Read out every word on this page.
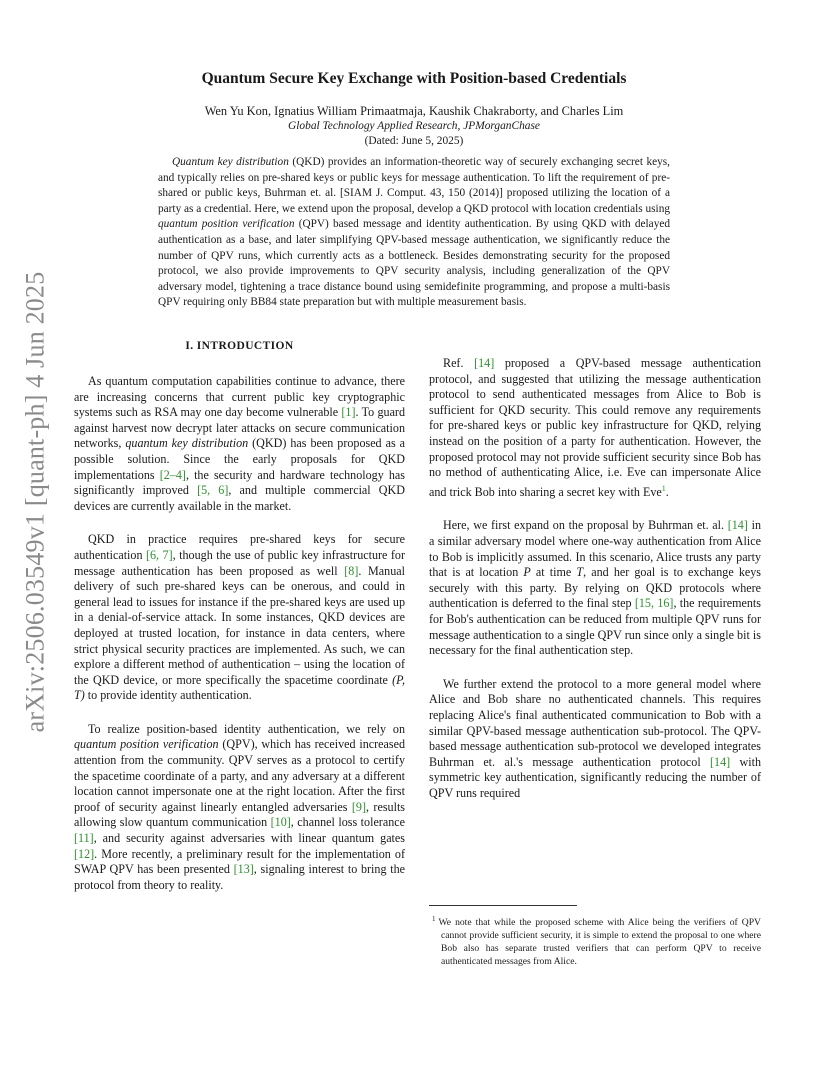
arXiv:2506.03549v1 [quant-ph] 4 Jun 2025
Quantum Secure Key Exchange with Position-based Credentials

Wen Yu Kon, Ignatius William Primaatmaja, Kaushik Chakraborty, and Charles Lim

Global Technology Applied Research, JPMorganChase

(Dated: June 5, 2025)

Quantum key distribution (QKD) provides an information-theoretic way of securely exchanging secret keys, and typically relies on pre-shared keys or public keys for message authentication. To lift the requirement of pre-shared or public keys, Buhrman et. al. [SIAM J. Comput. 43, 150 (2014)] proposed utilizing the location of a party as a credential. Here, we extend upon the proposal, develop a QKD protocol with location credentials using quantum position verification (QPV) based message and identity authentication. By using QKD with delayed authentication as a base, and later simplifying QPV-based message authentication, we significantly reduce the number of QPV runs, which currently acts as a bottleneck. Besides demonstrating security for the proposed protocol, we also provide improvements to QPV security analysis, including generalization of the QPV adversary model, tightening a trace distance bound using semidefinite programming, and propose a multi-basis QPV requiring only BB84 state preparation but with multiple measurement basis.

I. INTRODUCTION

As quantum computation capabilities continue to advance, there are increasing concerns that current public key cryptographic systems such as RSA may one day become vulnerable [1]. To guard against harvest now decrypt later attacks on secure communication networks, quantum key distribution (QKD) has been proposed as a possible solution. Since the early proposals for QKD implementations [2–4], the security and hardware technology has significantly improved [5, 6], and multiple commercial QKD devices are currently available in the market.

QKD in practice requires pre-shared keys for secure authentication [6, 7], though the use of public key infrastructure for message authentication has been proposed as well [8]. Manual delivery of such pre-shared keys can be onerous, and could in general lead to issues for instance if the pre-shared keys are used up in a denial-of-service attack. In some instances, QKD devices are deployed at trusted location, for instance in data centers, where strict physical security practices are implemented. As such, we can explore a different method of authentication – using the location of the QKD device, or more specifically the spacetime coordinate (P, T) to provide identity authentication.

To realize position-based identity authentication, we rely on quantum position verification (QPV), which has received increased attention from the community. QPV serves as a protocol to certify the spacetime coordinate of a party, and any adversary at a different location cannot impersonate one at the right location. After the first proof of security against linearly entangled adversaries [9], results allowing slow quantum communication [10], channel loss tolerance [11], and security against adversaries with linear quantum gates [12]. More recently, a preliminary result for the implementation of SWAP QPV has been presented [13], signaling interest to bring the protocol from theory to reality.

Ref. [14] proposed a QPV-based message authentication protocol, and suggested that utilizing the message authentication protocol to send authenticated messages from Alice to Bob is sufficient for QKD security. This could remove any requirements for pre-shared keys or public key infrastructure for QKD, relying instead on the position of a party for authentication. However, the proposed protocol may not provide sufficient security since Bob has no method of authenticating Alice, i.e. Eve can impersonate Alice and trick Bob into sharing a secret key with Eve$^1$.

Here, we first expand on the proposal by Buhrman et. al. [14] in a similar adversary model where one-way authentication from Alice to Bob is implicitly assumed. In this scenario, Alice trusts any party that is at location P at time T, and her goal is to exchange keys securely with this party. By relying on QKD protocols where authentication is deferred to the final step [15, 16], the requirements for Bob's authentication can be reduced from multiple QPV runs for message authentication to a single QPV run since only a single bit is necessary for the final authentication step.

We further extend the protocol to a more general model where Alice and Bob share no authenticated channels. This requires replacing Alice's final authenticated communication to Bob with a similar QPV-based message authentication sub-protocol. The QPV-based message authentication sub-protocol we developed integrates Buhrman et. al.'s message authentication protocol [14] with symmetric key authentication, significantly reducing the number of QPV runs required

$^1$ We note that while the proposed scheme with Alice being the verifiers of QPV cannot provide sufficient security, it is simple to extend the proposal to one where Bob also has separate trusted verifiers that can perform QPV to receive authenticated messages from Alice.
